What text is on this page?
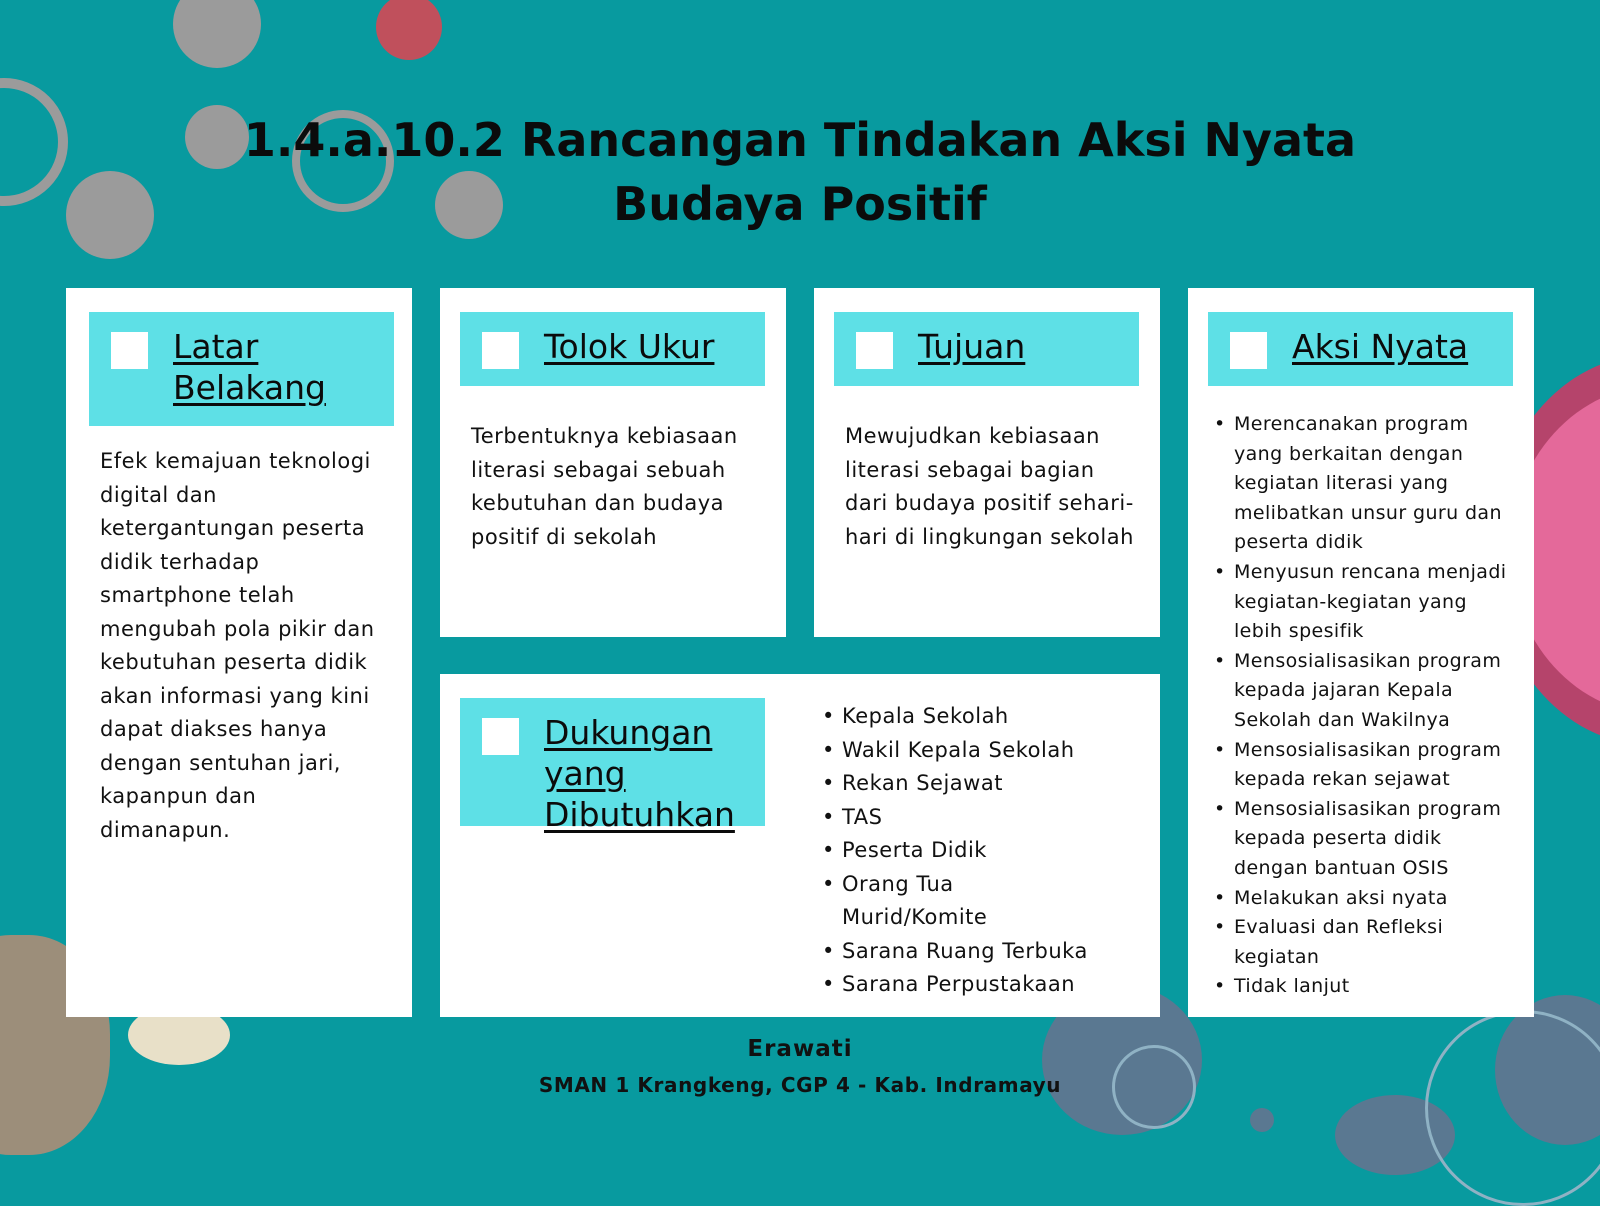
1.4.a.10.2 Rancangan Tindakan Aksi Nyata
Budaya Positif
Latar
Belakang
Efek kemajuan teknologi digital dan ketergantungan peserta didik terhadap smartphone telah mengubah pola pikir dan kebutuhan peserta didik akan informasi yang kini dapat diakses hanya dengan sentuhan jari, kapanpun dan dimanapun.
Tolok Ukur
Terbentuknya kebiasaan literasi sebagai sebuah kebutuhan dan budaya positif di sekolah
Tujuan
Mewujudkan kebiasaan literasi sebagai bagian dari budaya positif sehari-hari di lingkungan sekolah
Aksi Nyata
• Merencanakan program yang berkaitan dengan kegiatan literasi yang melibatkan unsur guru dan peserta didik
• Menyusun rencana menjadi kegiatan-kegiatan yang lebih spesifik
• Mensosialisasikan program kepada jajaran Kepala Sekolah dan Wakilnya
• Mensosialisasikan program kepada rekan sejawat
• Mensosialisasikan program kepada peserta didik dengan bantuan OSIS
• Melakukan aksi nyata
• Evaluasi dan Refleksi kegiatan
• Tidak lanjut
Dukungan
yang
Dibutuhkan
• Kepala Sekolah
• Wakil Kepala Sekolah
• Rekan Sejawat
• TAS
• Peserta Didik
• Orang Tua Murid/Komite
• Sarana Ruang Terbuka
• Sarana Perpustakaan
Erawati
SMAN 1 Krangkeng, CGP 4 - Kab. Indramayu
